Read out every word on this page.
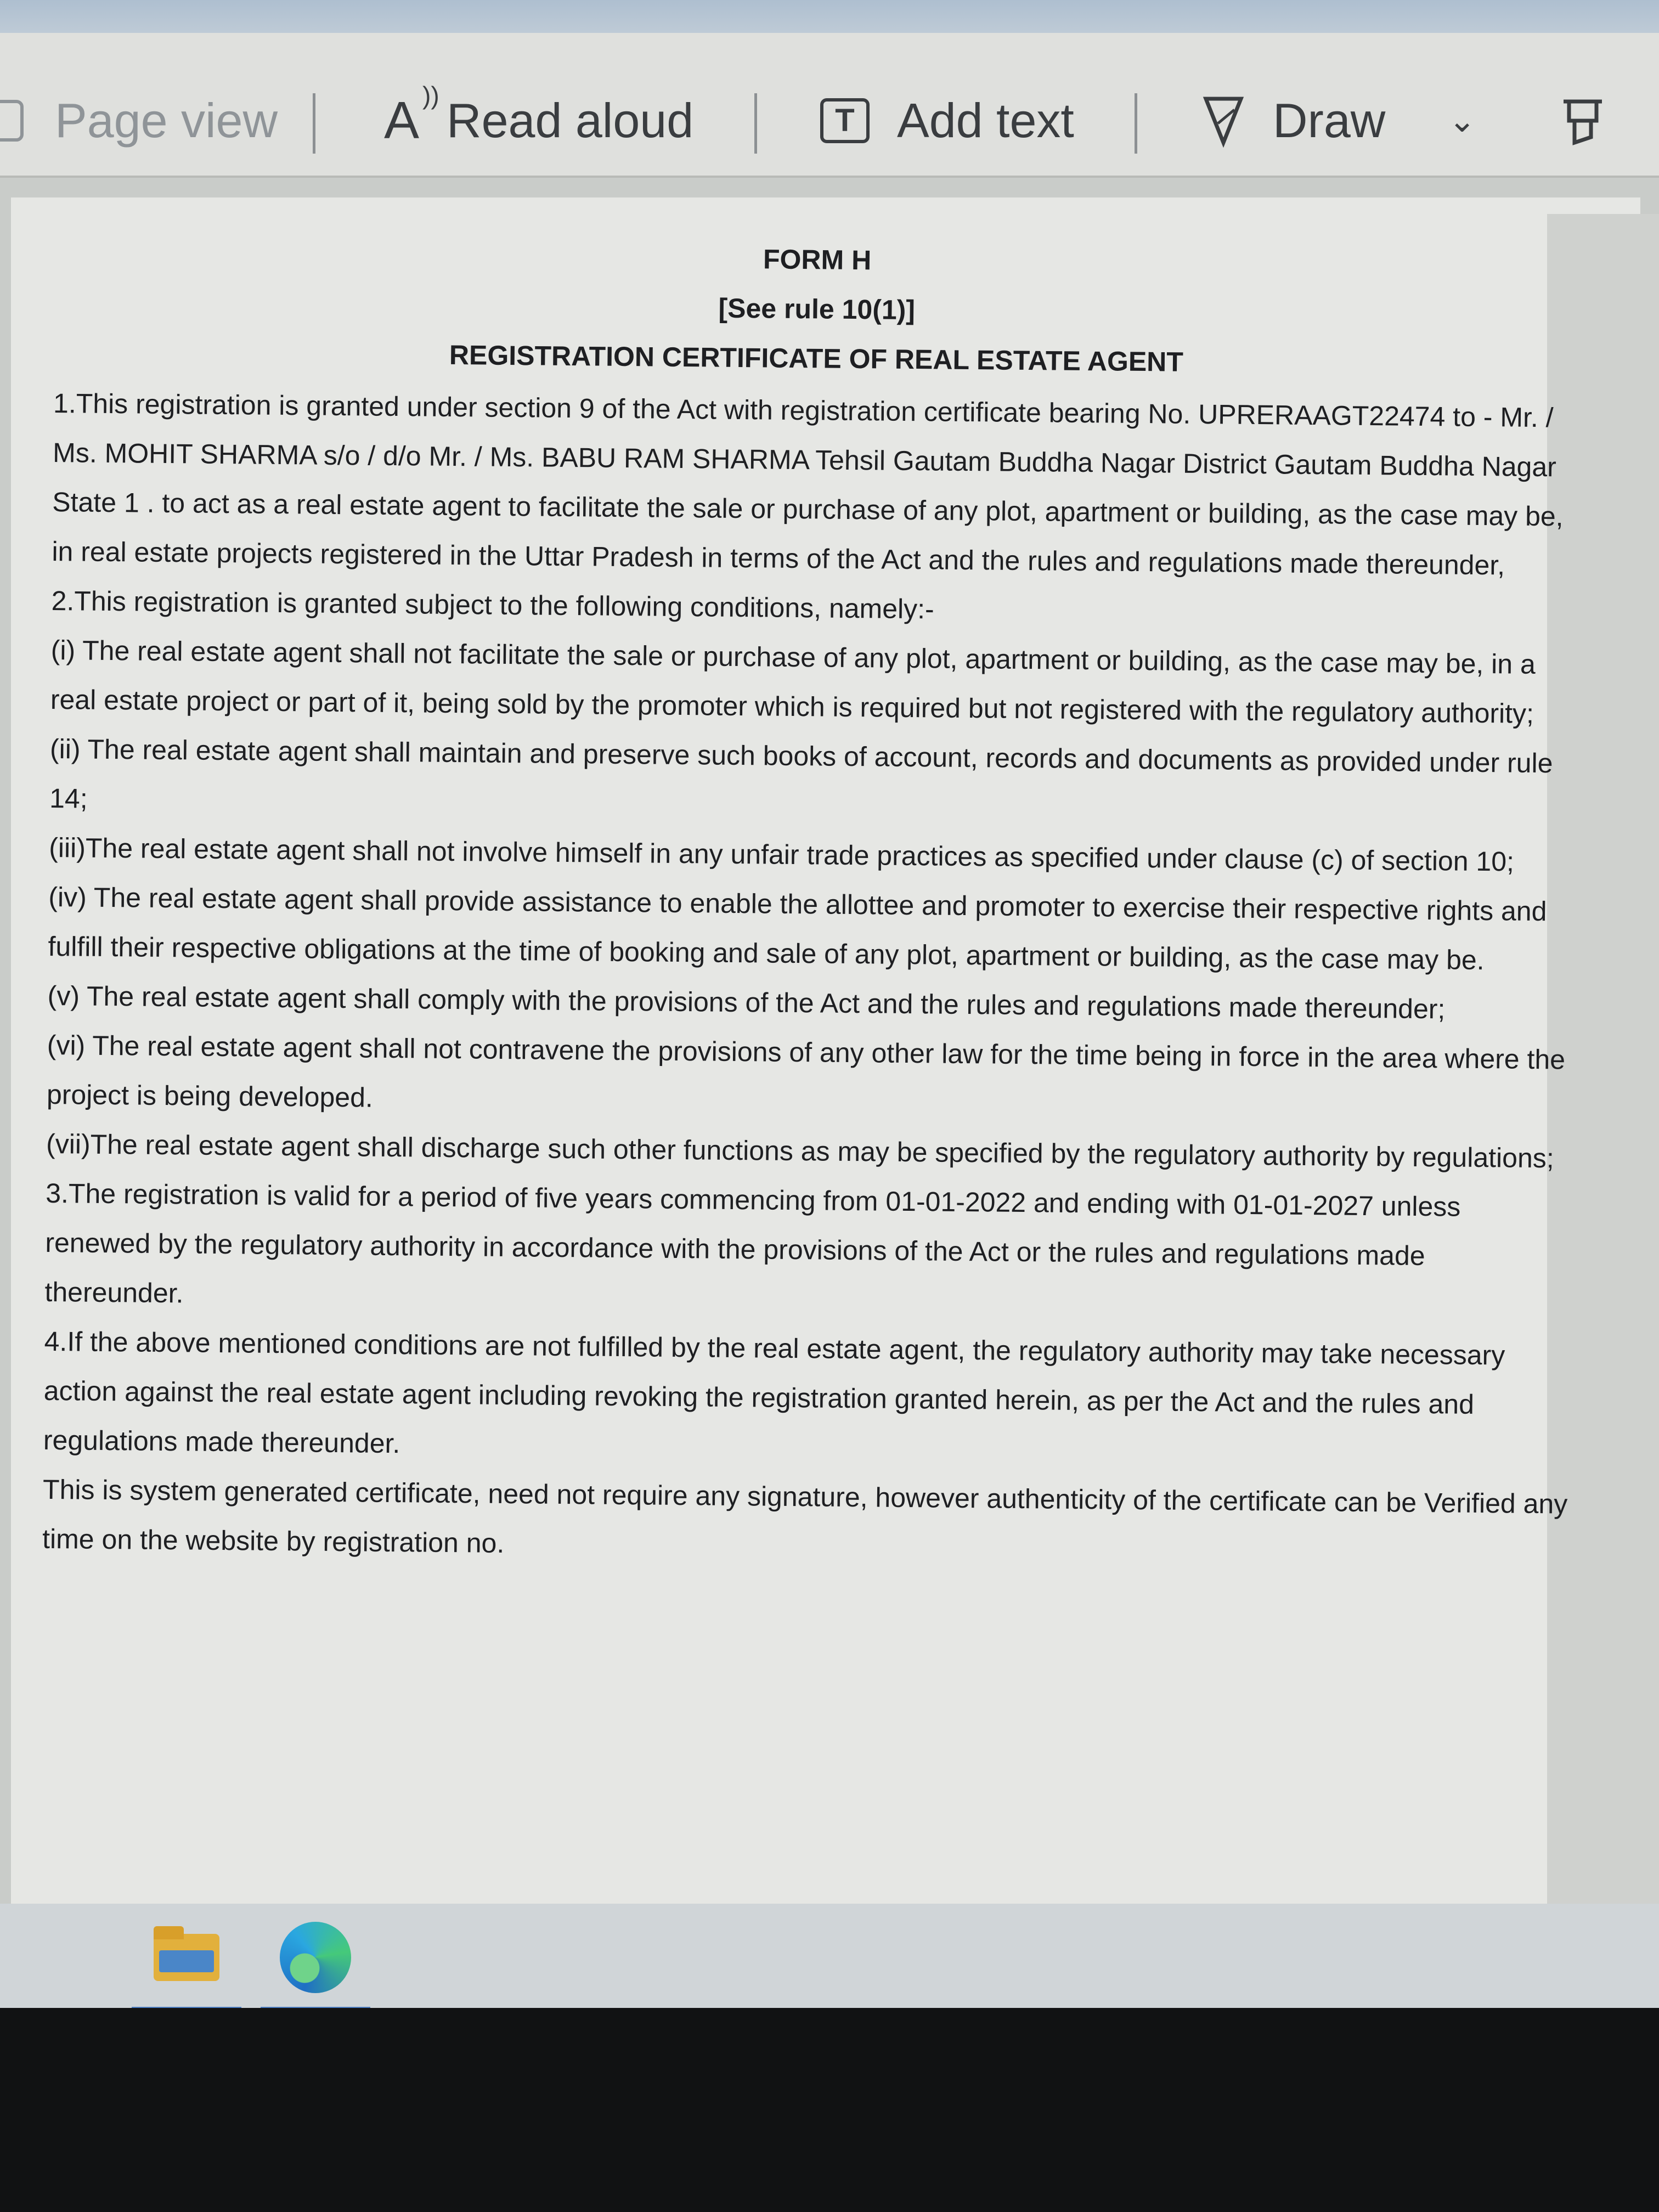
Page view A )) Read aloud	T Add text	Draw ⌄

FORM H

[See rule 10(1)]

REGISTRATION CERTIFICATE OF REAL ESTATE AGENT

1.This registration is granted under section 9 of the Act with registration certificate bearing No. UPRERAAGT22474 to - Mr. / Ms. MOHIT SHARMA s/o / d/o Mr. / Ms. BABU RAM SHARMA Tehsil Gautam Buddha Nagar District Gautam Buddha Nagar State 1 . to act as a real estate agent to facilitate the sale or purchase of any plot, apartment or building, as the case may be, in real estate projects registered in the Uttar Pradesh in terms of the Act and the rules and regulations made thereunder,

2.This registration is granted subject to the following conditions, namely:-

(i) The real estate agent shall not facilitate the sale or purchase of any plot, apartment or building, as the case may be, in a real estate project or part of it, being sold by the promoter which is required but not registered with the regulatory authority;

(ii) The real estate agent shall maintain and preserve such books of account, records and documents as provided under rule 14;

(iii)The real estate agent shall not involve himself in any unfair trade practices as specified under clause (c) of section 10;

(iv) The real estate agent shall provide assistance to enable the allottee and promoter to exercise their respective rights and fulfill their respective obligations at the time of booking and sale of any plot, apartment or building, as the case may be.

(v) The real estate agent shall comply with the provisions of the Act and the rules and regulations made thereunder;

(vi) The real estate agent shall not contravene the provisions of any other law for the time being in force in the area where the project is being developed.

(vii)The real estate agent shall discharge such other functions as may be specified by the regulatory authority by regulations;

3.The registration is valid for a period of five years commencing from 01-01-2022 and ending with 01-01-2027 unless renewed by the regulatory authority in accordance with the provisions of the Act or the rules and regulations made thereunder.

4.If the above mentioned conditions are not fulfilled by the real estate agent, the regulatory authority may take necessary action against the real estate agent including revoking the registration granted herein, as per the Act and the rules and regulations made thereunder.

This is system generated certificate, need not require any signature, however authenticity of the certificate can be Verified any time on the website by registration no.
